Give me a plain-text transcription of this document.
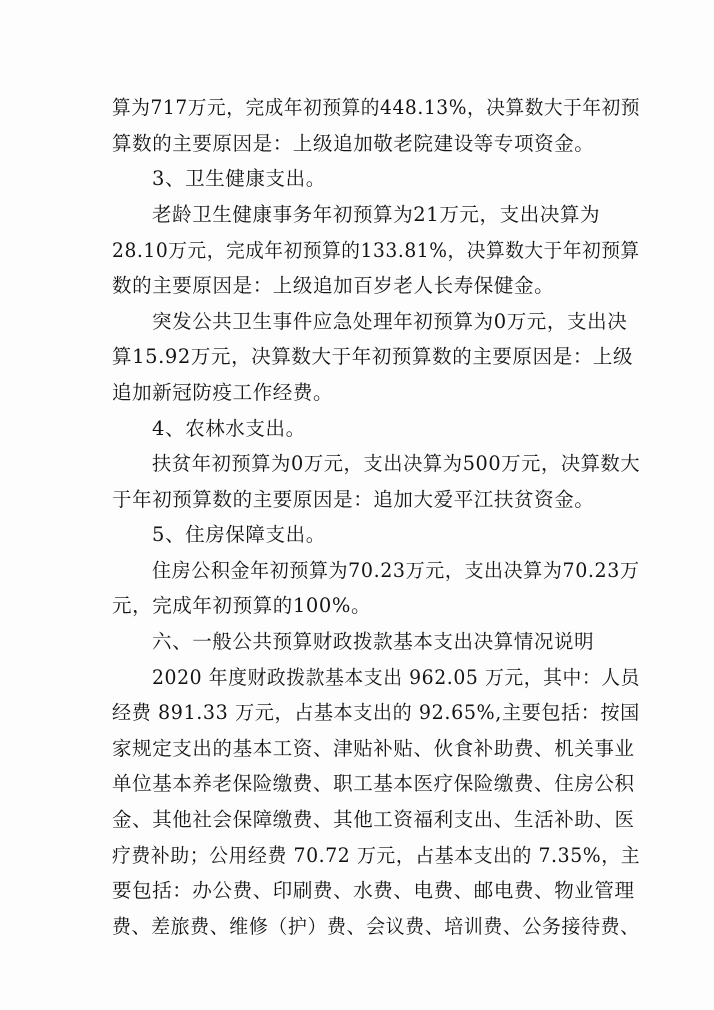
算为717万元，完成年初预算的448.13%，决算数大于年初预
算数的主要原因是：上级追加敬老院建设等专项资金。
3、卫生健康支出。
老龄卫生健康事务年初预算为21万元，支出决算为
28.10万元，完成年初预算的133.81%，决算数大于年初预算
数的主要原因是：上级追加百岁老人长寿保健金。
突发公共卫生事件应急处理年初预算为0万元，支出决
算15.92万元，决算数大于年初预算数的主要原因是：上级
追加新冠防疫工作经费。
4、农林水支出。
扶贫年初预算为0万元，支出决算为500万元，决算数大
于年初预算数的主要原因是：追加大爱平江扶贫资金。
5、住房保障支出。
住房公积金年初预算为70.23万元，支出决算为70.23万
元，完成年初预算的100%。
六、一般公共预算财政拨款基本支出决算情况说明
2020 年度财政拨款基本支出 962.05 万元，其中：人员
经费 891.33 万元，占基本支出的 92.65%,主要包括：按国
家规定支出的基本工资、津贴补贴、伙食补助费、机关事业
单位基本养老保险缴费、职工基本医疗保险缴费、住房公积
金、其他社会保障缴费、其他工资福利支出、生活补助、医
疗费补助；公用经费 70.72 万元，占基本支出的 7.35%，主
要包括：办公费、印刷费、水费、电费、邮电费、物业管理
费、差旅费、维修（护）费、会议费、培训费、公务接待费、
